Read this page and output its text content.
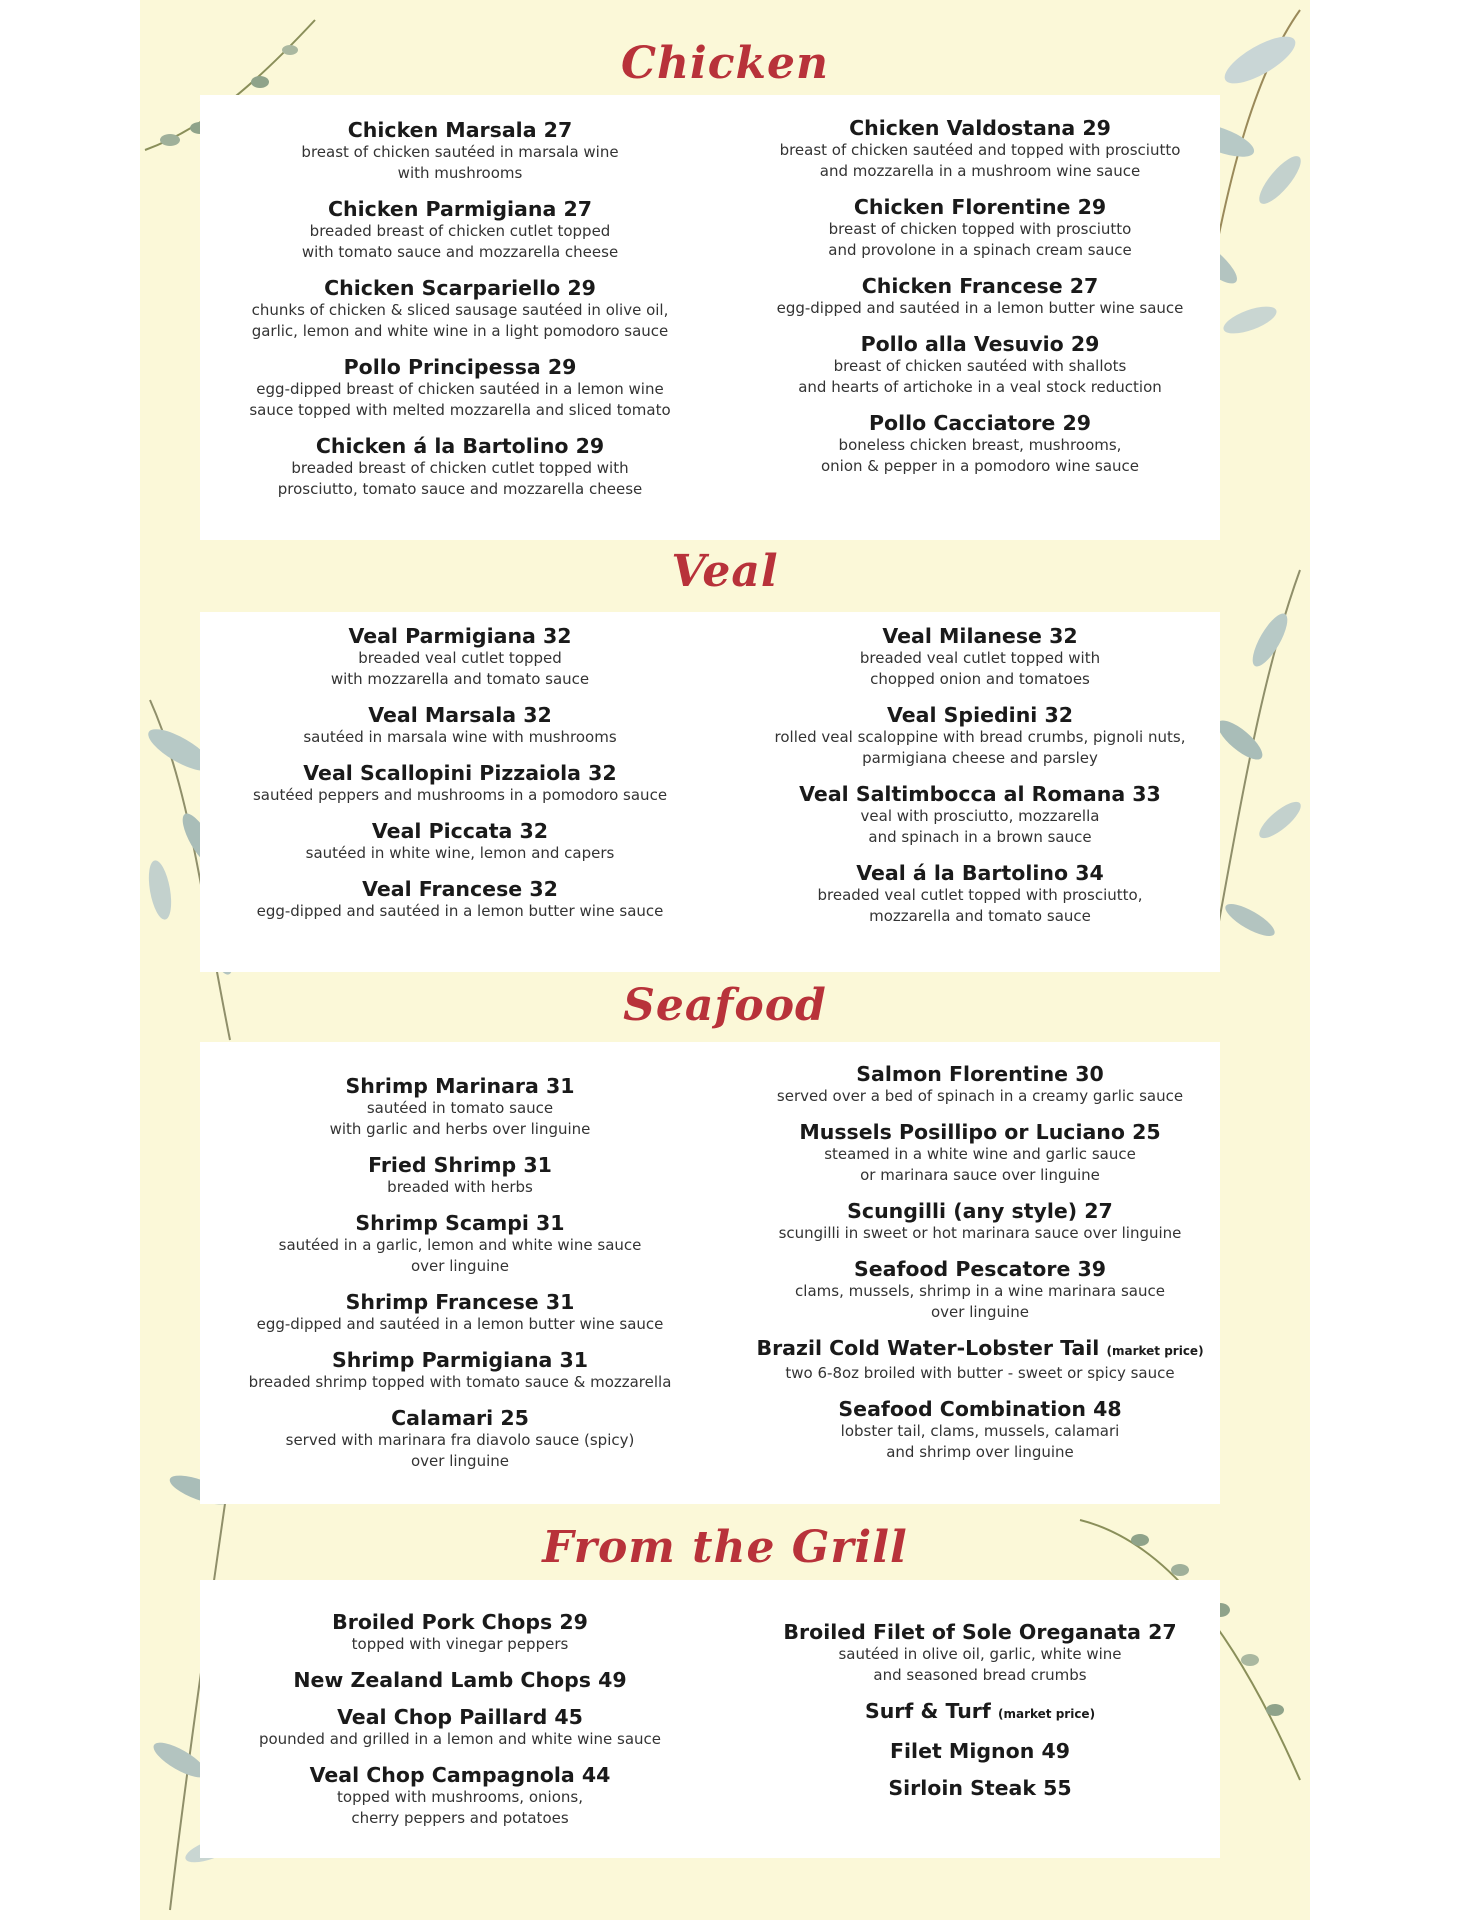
Chicken
Veal
Seafood
From the Grill

Chicken Marsala 27

breast of chicken sautéed in marsala wine
with mushrooms

Chicken Parmigiana 27

breaded breast of chicken cutlet topped
with tomato sauce and mozzarella cheese

Chicken Scarpariello 29

chunks of chicken & sliced sausage sautéed in olive oil,
garlic, lemon and white wine in a light pomodoro sauce

Pollo Principessa 29

egg-dipped breast of chicken sautéed in a lemon wine
sauce topped with melted mozzarella and sliced tomato

Chicken á la Bartolino 29

breaded breast of chicken cutlet topped with
prosciutto, tomato sauce and mozzarella cheese

Chicken Valdostana 29

breast of chicken sautéed and topped with prosciutto
and mozzarella in a mushroom wine sauce

Chicken Florentine 29

breast of chicken topped with prosciutto
and provolone in a spinach cream sauce

Chicken Francese 27

egg-dipped and sautéed in a lemon butter wine sauce

Pollo alla Vesuvio 29

breast of chicken sautéed with shallots
and hearts of artichoke in a veal stock reduction

Pollo Cacciatore 29

boneless chicken breast, mushrooms,
onion & pepper in a pomodoro wine sauce

Veal Parmigiana 32

breaded veal cutlet topped
with mozzarella and tomato sauce

Veal Marsala 32

sautéed in marsala wine with mushrooms

Veal Scallopini Pizzaiola 32

sautéed peppers and mushrooms in a pomodoro sauce

Veal Piccata 32

sautéed in white wine, lemon and capers

Veal Francese 32

egg-dipped and sautéed in a lemon butter wine sauce

Veal Milanese 32

breaded veal cutlet topped with
chopped onion and tomatoes

Veal Spiedini 32

rolled veal scaloppine with bread crumbs, pignoli nuts,
parmigiana cheese and parsley

Veal Saltimbocca al Romana 33

veal with prosciutto, mozzarella
and spinach in a brown sauce

Veal á la Bartolino 34

breaded veal cutlet topped with prosciutto,
mozzarella and tomato sauce

Shrimp Marinara 31

sautéed in tomato sauce
with garlic and herbs over linguine

Fried Shrimp 31

breaded with herbs

Shrimp Scampi 31

sautéed in a garlic, lemon and white wine sauce
over linguine

Shrimp Francese 31

egg-dipped and sautéed in a lemon butter wine sauce

Shrimp Parmigiana 31

breaded shrimp topped with tomato sauce & mozzarella

Calamari 25

served with marinara fra diavolo sauce (spicy)
over linguine

Salmon Florentine 30

served over a bed of spinach in a creamy garlic sauce

Mussels Posillipo or Luciano 25

steamed in a white wine and garlic sauce
or marinara sauce over linguine

Scungilli (any style) 27

scungilli in sweet or hot marinara sauce over linguine

Seafood Pescatore 39

clams, mussels, shrimp in a wine marinara sauce
over linguine

Brazil Cold Water-Lobster Tail (market price)

two 6-8oz broiled with butter - sweet or spicy sauce

Seafood Combination 48

lobster tail, clams, mussels, calamari
and shrimp over linguine

Broiled Pork Chops 29

topped with vinegar peppers

New Zealand Lamb Chops 49

Veal Chop Paillard 45

pounded and grilled in a lemon and white wine sauce

Veal Chop Campagnola 44

topped with mushrooms, onions,
cherry peppers and potatoes

Broiled Filet of Sole Oreganata 27

sautéed in olive oil, garlic, white wine
and seasoned bread crumbs

Surf & Turf (market price)

Filet Mignon 49

Sirloin Steak 55
